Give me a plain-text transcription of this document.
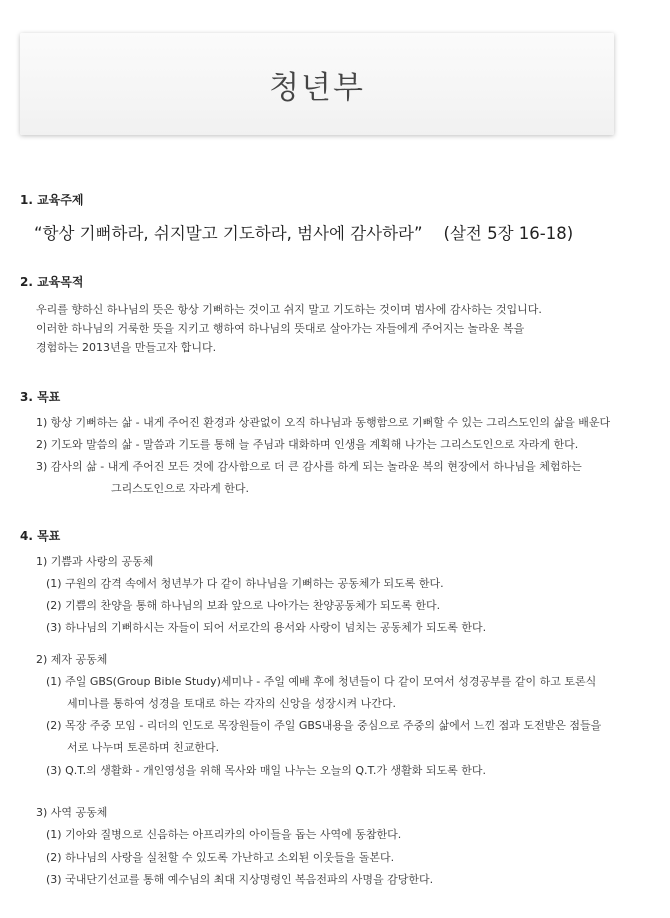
청년부
1. 교육주제
“항상 기뻐하라, 쉬지말고 기도하라, 범사에 감사하라”    (살전 5장 16-18)
2. 교육목적
우리를 향하신 하나님의 뜻은 항상 기뻐하는 것이고 쉬지 말고 기도하는 것이며 범사에 감사하는 것입니다.
이러한 하나님의 거룩한 뜻을 지키고 행하여 하나님의 뜻대로 살아가는 자들에게 주어지는 놀라운 복을
경험하는 2013년을 만들고자 합니다.
3. 목표
1) 항상 기뻐하는 삶 - 내게 주어진 환경과 상관없이 오직 하나님과 동행함으로 기뻐할 수 있는 그리스도인의 삶을 배운다
2) 기도와 말씀의 삶 - 말씀과 기도를 통해 늘 주님과 대화하며 인생을 계획해 나가는 그리스도인으로 자라게 한다.
3) 감사의 삶 - 내게 주어진 모든 것에 감사함으로 더 큰 감사를 하게 되는 놀라운 복의 현장에서 하나님을 체험하는
그리스도인으로 자라게 한다.
4. 목표
1) 기쁨과 사랑의 공동체
(1) 구원의 감격 속에서 청년부가 다 같이 하나님을 기뻐하는 공동체가 되도록 한다.
(2) 기쁨의 찬양을 통해 하나님의 보좌 앞으로 나아가는 찬양공동체가 되도록 한다.
(3) 하나님의 기뻐하시는 자들이 되어 서로간의 용서와 사랑이 넘치는 공동체가 되도록 한다.
2) 제자 공동체
(1) 주일 GBS(Group Bible Study)세미나 - 주일 예배 후에 청년들이 다 같이 모여서 성경공부를 같이 하고 토론식
세미나를 통하여 성경을 토대로 하는 각자의 신앙을 성장시켜 나간다.
(2) 목장 주중 모임 - 리더의 인도로 목장원들이 주일 GBS내용을 중심으로 주중의 삶에서 느낀 점과 도전받은 점들을
서로 나누며 토론하며 친교한다.
(3) Q.T.의 생활화 - 개인영성을 위해 목사와 매일 나누는 오늘의 Q.T.가 생활화 되도록 한다.
3) 사역 공동체
(1) 기아와 질병으로 신음하는 아프리카의 아이들을 돕는 사역에 동참한다.
(2) 하나님의 사랑을 실천할 수 있도록 가난하고 소외된 이웃들을 돌본다.
(3) 국내단기선교를 통해 예수님의 최대 지상명령인 복음전파의 사명을 감당한다.
